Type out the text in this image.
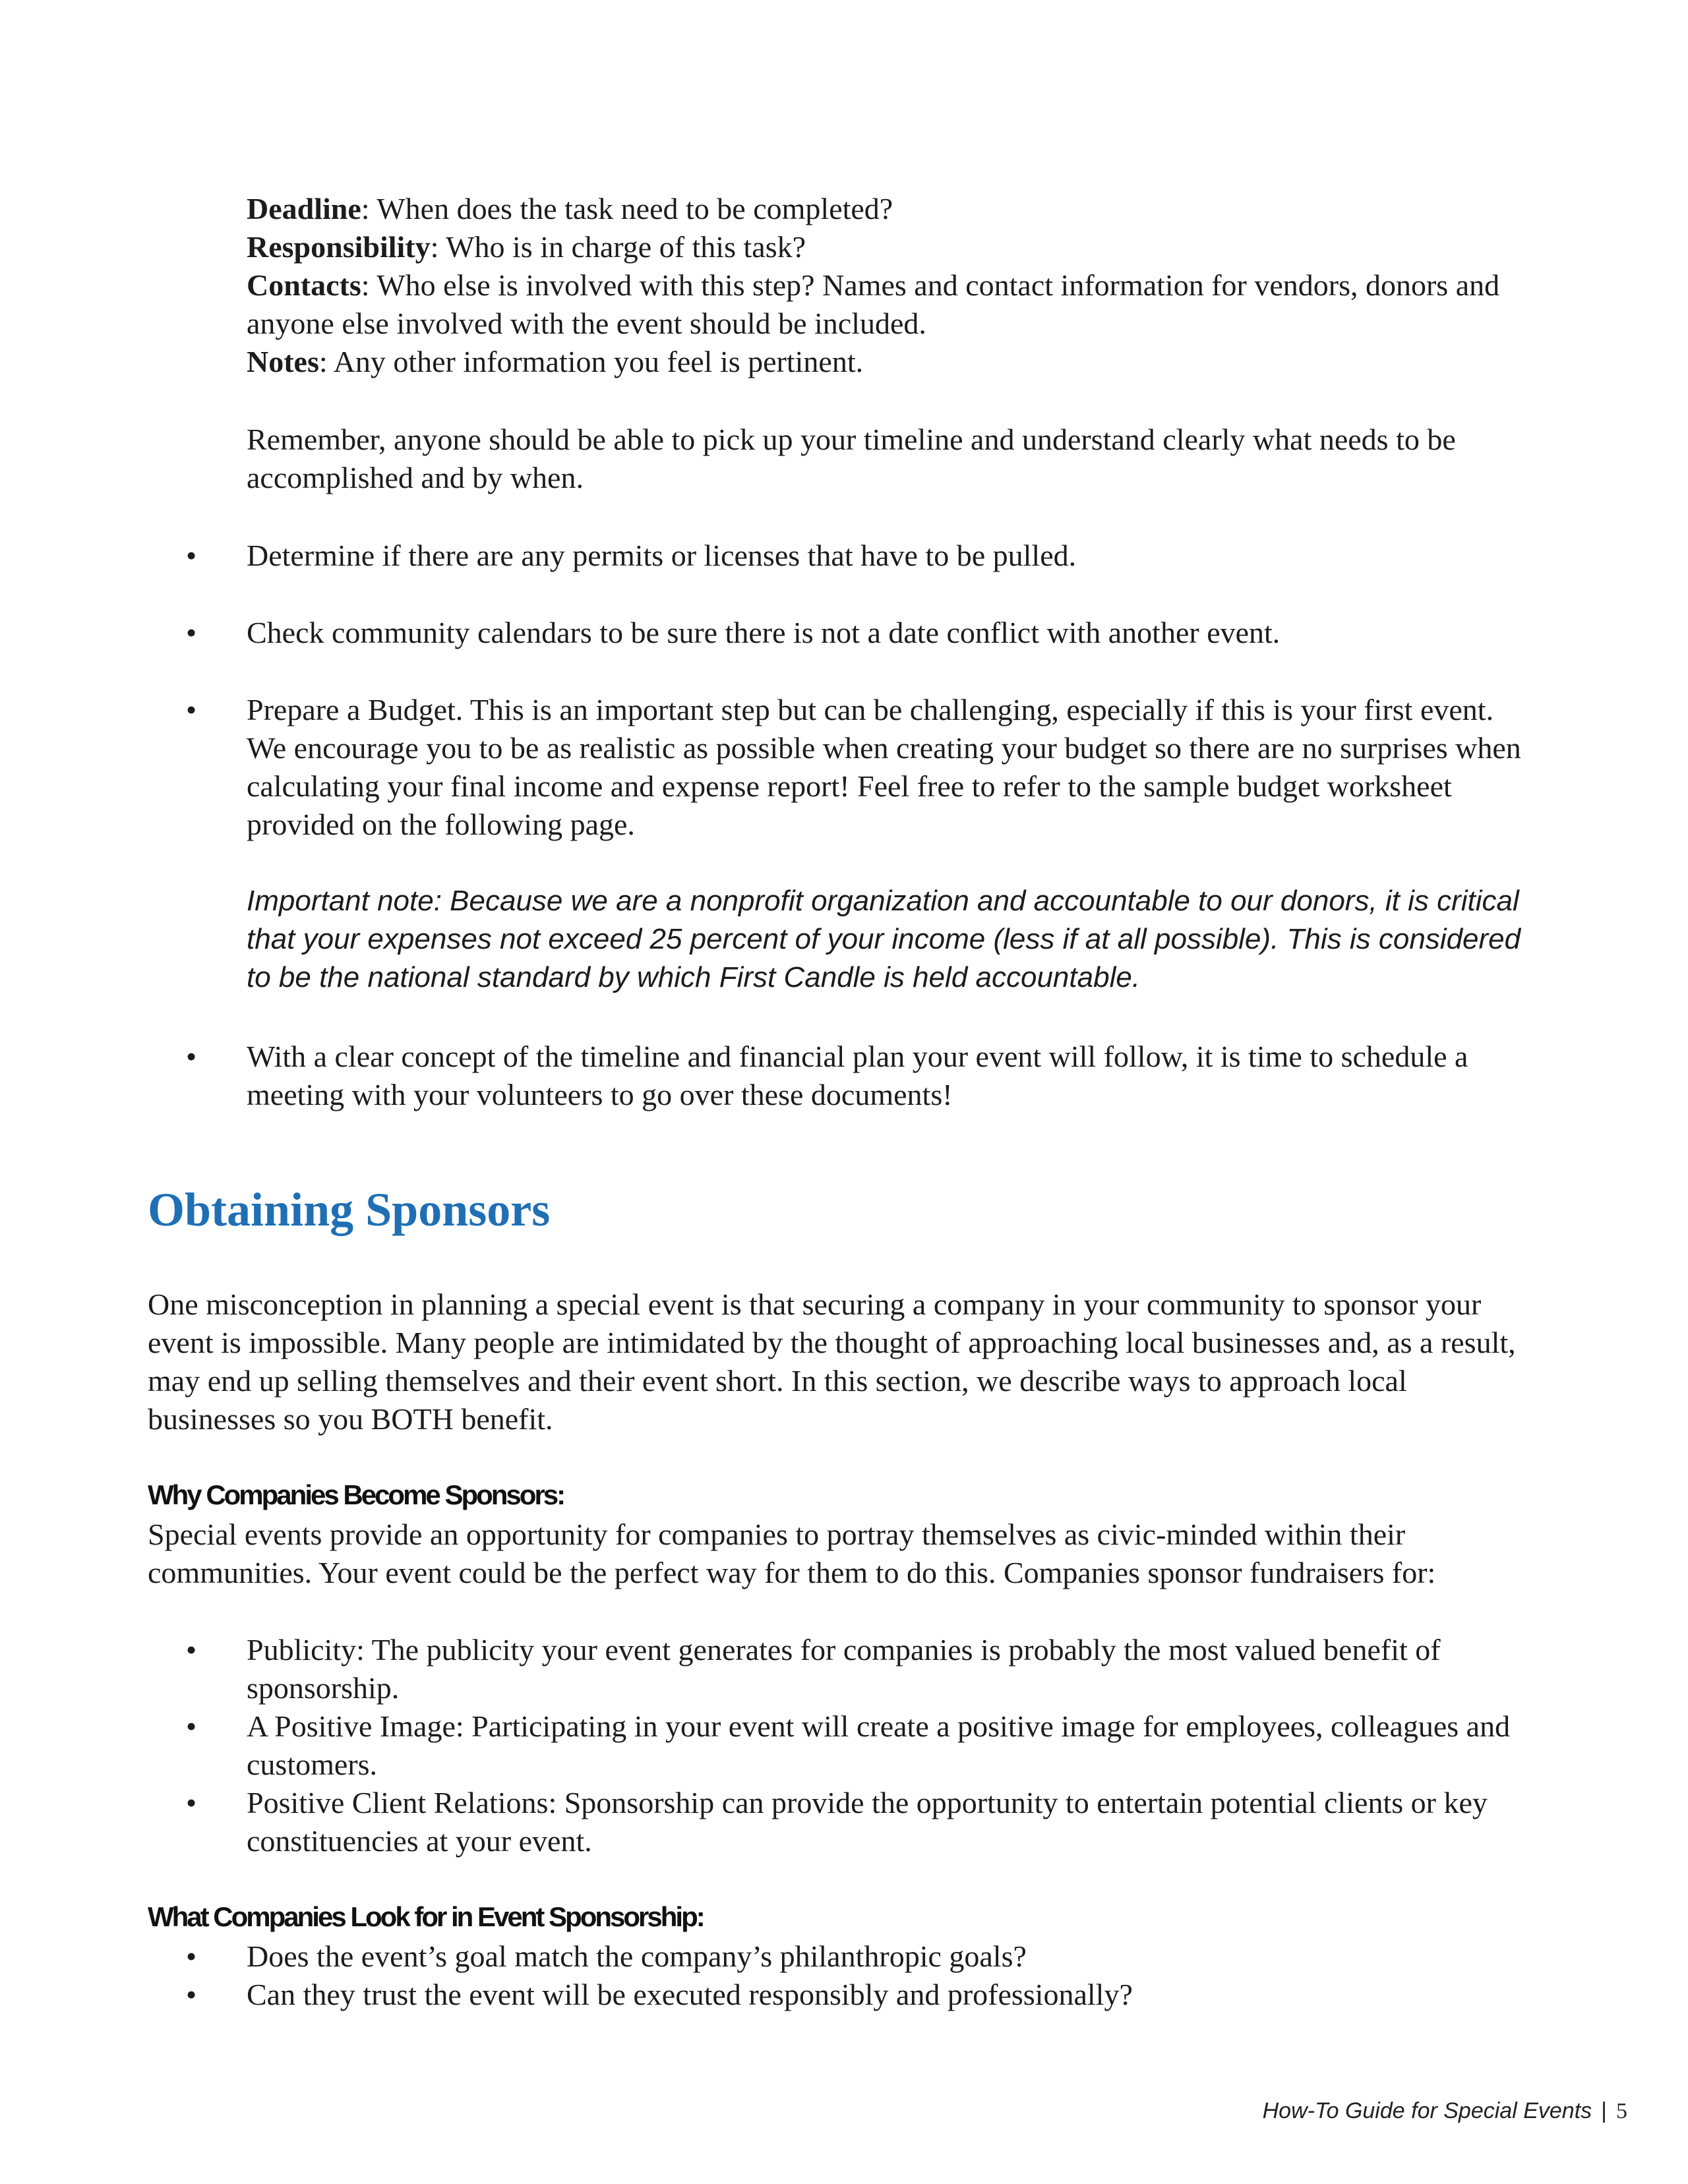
Deadline: When does the task need to be completed?

Responsibility: Who is in charge of this task?

Contacts: Who else is involved with this step? Names and contact information for vendors, donors and anyone else involved with the event should be included.

Notes: Any other information you feel is pertinent.

Remember, anyone should be able to pick up your timeline and understand clearly what needs to be accomplished and by when.

•	Determine if there are any permits or licenses that have to be pulled.
•	Check community calendars to be sure there is not a date conflict with another event.
•	Prepare a Budget. This is an important step but can be challenging, especially if this is your first event. We encourage you to be as realistic as possible when creating your budget so there are no surprises when calculating your final income and expense report! Feel free to refer to the sample budget worksheet provided on the following page.

Important note: Because we are a nonprofit organization and accountable to our donors, it is critical that your expenses not exceed 25 percent of your income (less if at all possible). This is considered to be the national standard by which First Candle is held accountable.

•	With a clear concept of the timeline and financial plan your event will follow, it is time to schedule a meeting with your volunteers to go over these documents!
Obtaining Sponsors

One misconception in planning a special event is that securing a company in your community to sponsor your event is impossible. Many people are intimidated by the thought of approaching local businesses and, as a result, may end up selling themselves and their event short. In this section, we describe ways to approach local businesses so you BOTH benefit.

Why Companies Become Sponsors:

Special events provide an opportunity for companies to portray themselves as civic-minded within their communities. Your event could be the perfect way for them to do this. Companies sponsor fundraisers for:

•	Publicity: The publicity your event generates for companies is probably the most valued benefit of sponsorship.
•	A Positive Image: Participating in your event will create a positive image for employees, colleagues and customers.
•	Positive Client Relations: Sponsorship can provide the opportunity to entertain potential clients or key constituencies at your event.
What Companies Look for in Event Sponsorship:
•	Does the event’s goal match the company’s philanthropic goals?
•	Can they trust the event will be executed responsibly and professionally?

How-To Guide for Special Events | 5
